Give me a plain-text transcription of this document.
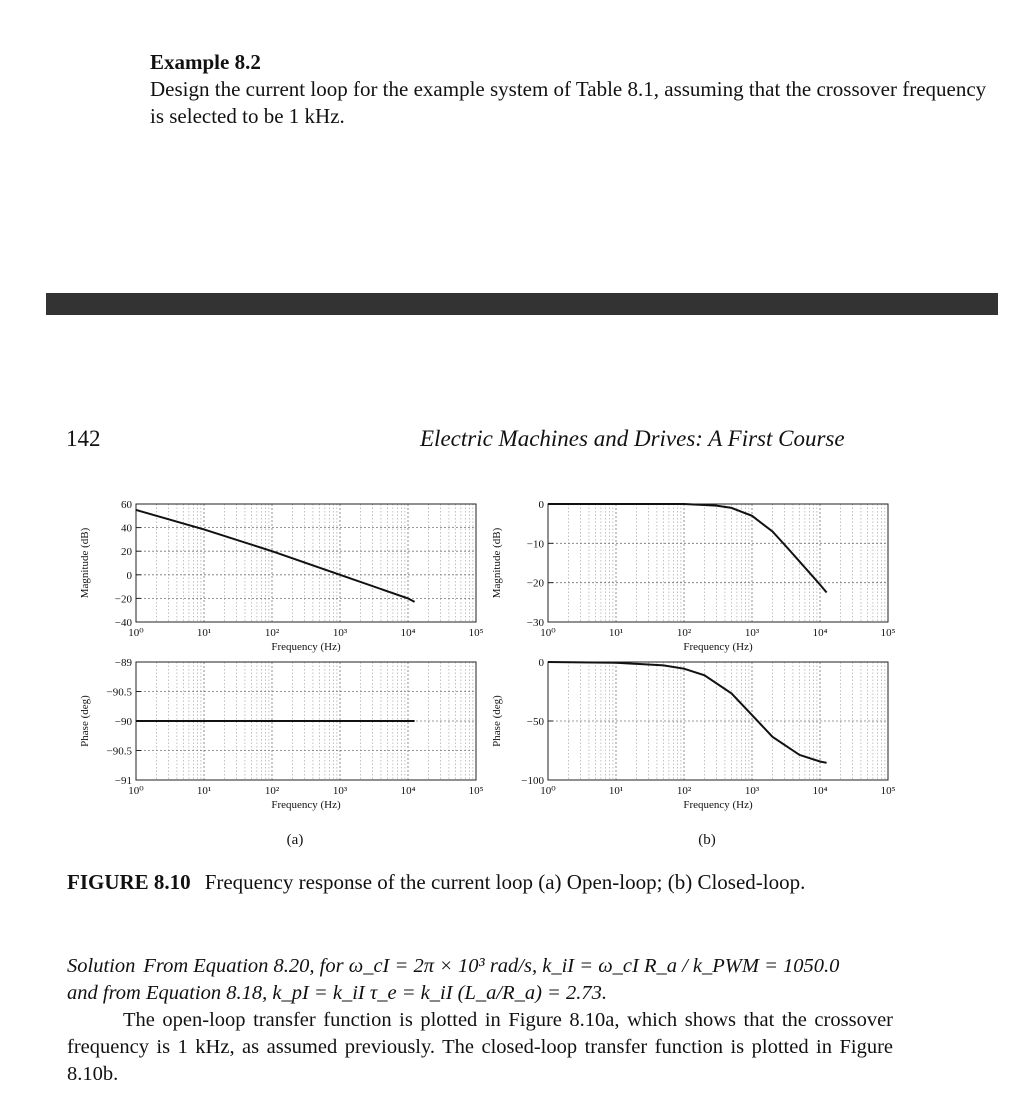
Example 8.2
Design the current loop for the example system of Table 8.1, assuming that the crossover frequency is selected to be 1 kHz.
142	Electric Machines and Drives: A First Course
10⁰	10¹	10²	10³	10⁴	10⁵
−40
−20
0
20
40
60
Frequency (Hz)
Magnitude (dB)
10⁰	10¹	10²	10³	10⁴	10⁵
−91
−90.5
−90
−90.5
−89
Frequency (Hz)
Phase (deg)
10⁰	10¹	10²	10³	10⁴	10⁵
−30
−20
−10
0
Frequency (Hz)
Magnitude (dB)
10⁰	10¹	10²	10³	10⁴	10⁵
−100
−50
0
Frequency (Hz)
Phase (deg)
(a)	(b)
FIGURE 8.10 Frequency response of the current loop (a) Open-loop; (b) Closed-loop.
Solution From Equation 8.20, for ω_cI = 2π × 10³ rad/s, k_iI = ω_cI R_a / k_PWM = 1050.0
and from Equation 8.18, k_pI = k_iI τ_e = k_iI (L_a/R_a) = 2.73.
The open-loop transfer function is plotted in Figure 8.10a, which shows that the crossover frequency is 1 kHz, as assumed previously. The closed-loop transfer function is plotted in Figure 8.10b.
